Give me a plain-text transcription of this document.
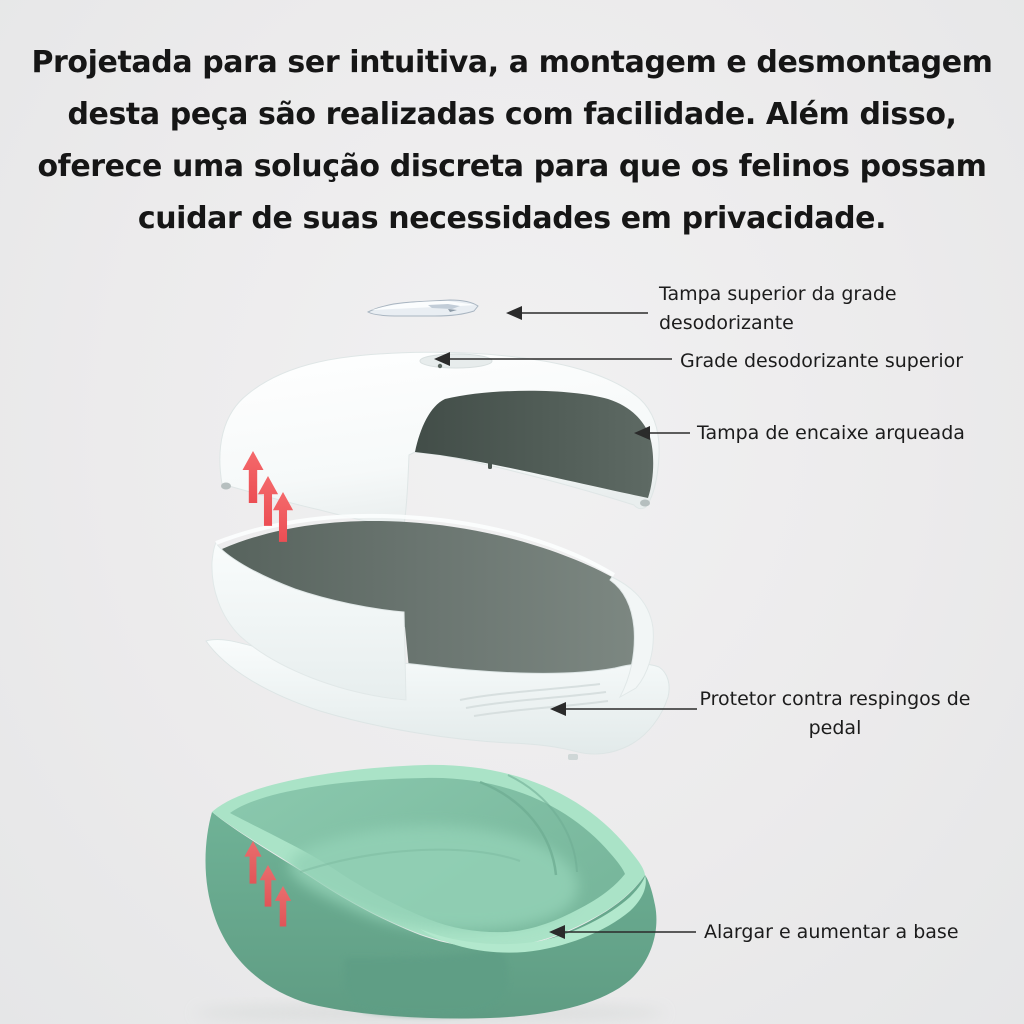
Projetada para ser intuitiva, a montagem e desmontagem
desta peça são realizadas com facilidade. Além disso,
oferece uma solução discreta para que os felinos possam
cuidar de suas necessidades em privacidade.
Tampa superior da grade desodorizante
Grade desodorizante superior
Tampa de encaixe arqueada
Protetor contra respingos de pedal
Alargar e aumentar a base
